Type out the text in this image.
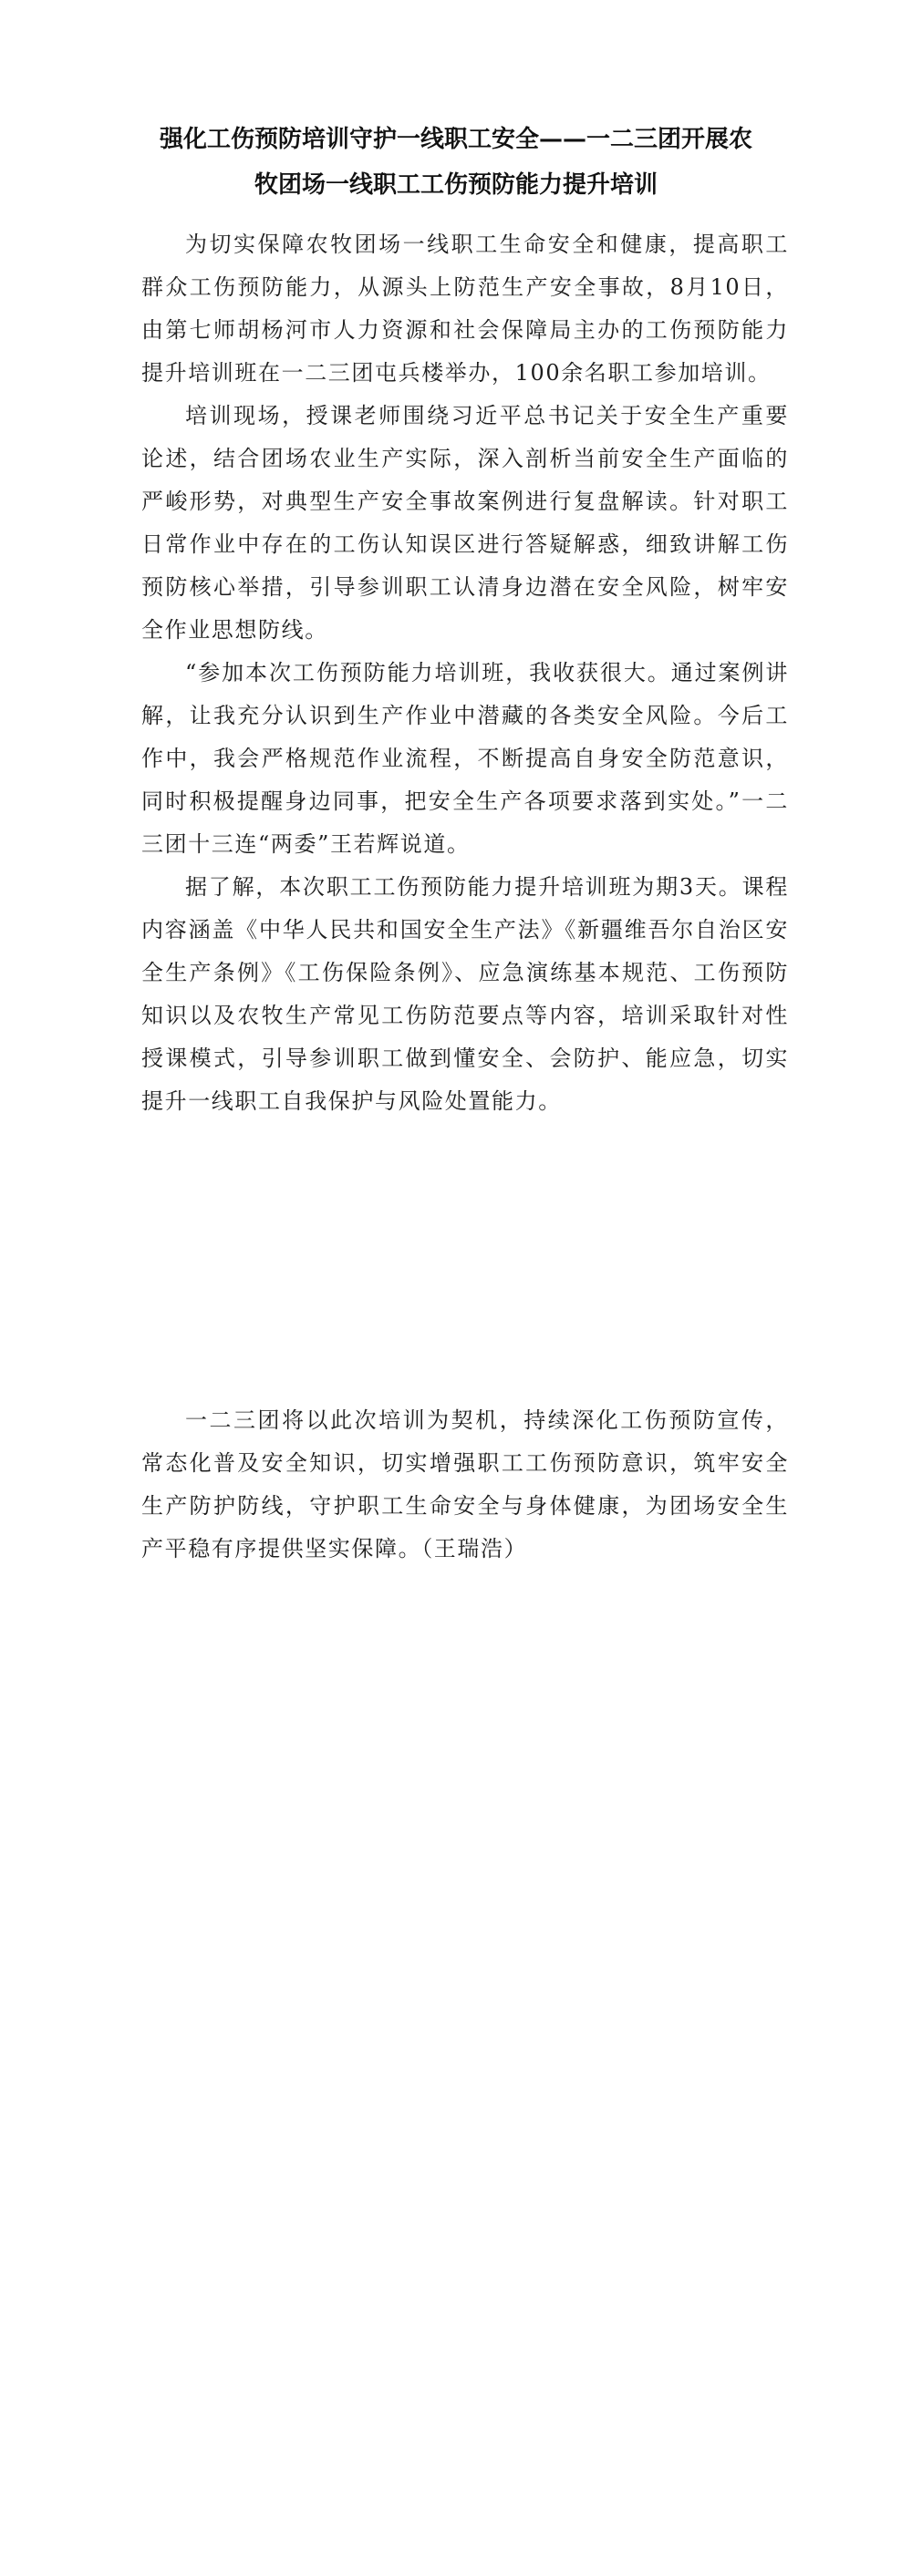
强化工伤预防培训守护一线职工安全——一二三团开展农
牧团场一线职工工伤预防能力提升培训

为切实保障农牧团场一线职工生命安全和健康，提高职工群众工伤预防能力，从源头上防范生产安全事故，8月10日，由第七师胡杨河市人力资源和社会保障局主办的工伤预防能力提升培训班在一二三团屯兵楼举办，100余名职工参加培训。

培训现场，授课老师围绕习近平总书记关于安全生产重要论述，结合团场农业生产实际，深入剖析当前安全生产面临的严峻形势，对典型生产安全事故案例进行复盘解读。针对职工日常作业中存在的工伤认知误区进行答疑解惑，细致讲解工伤预防核心举措，引导参训职工认清身边潜在安全风险，树牢安全作业思想防线。

“参加本次工伤预防能力培训班，我收获很大。通过案例讲解，让我充分认识到生产作业中潜藏的各类安全风险。今后工作中，我会严格规范作业流程，不断提高自身安全防范意识，同时积极提醒身边同事，把安全生产各项要求落到实处。”一二三团十三连“两委”王若辉说道。

据了解，本次职工工伤预防能力提升培训班为期3天。课程内容涵盖《中华人民共和国安全生产法》《新疆维吾尔自治区安全生产条例》《工伤保险条例》、应急演练基本规范、工伤预防知识以及农牧生产常见工伤防范要点等内容，培训采取针对性授课模式，引导参训职工做到懂安全、会防护、能应急，切实提升一线职工自我保护与风险处置能力。

一二三团将以此次培训为契机，持续深化工伤预防宣传，常态化普及安全知识，切实增强职工工伤预防意识，筑牢安全生产防护防线，守护职工生命安全与身体健康，为团场安全生产平稳有序提供坚实保障。（王瑞浩）
